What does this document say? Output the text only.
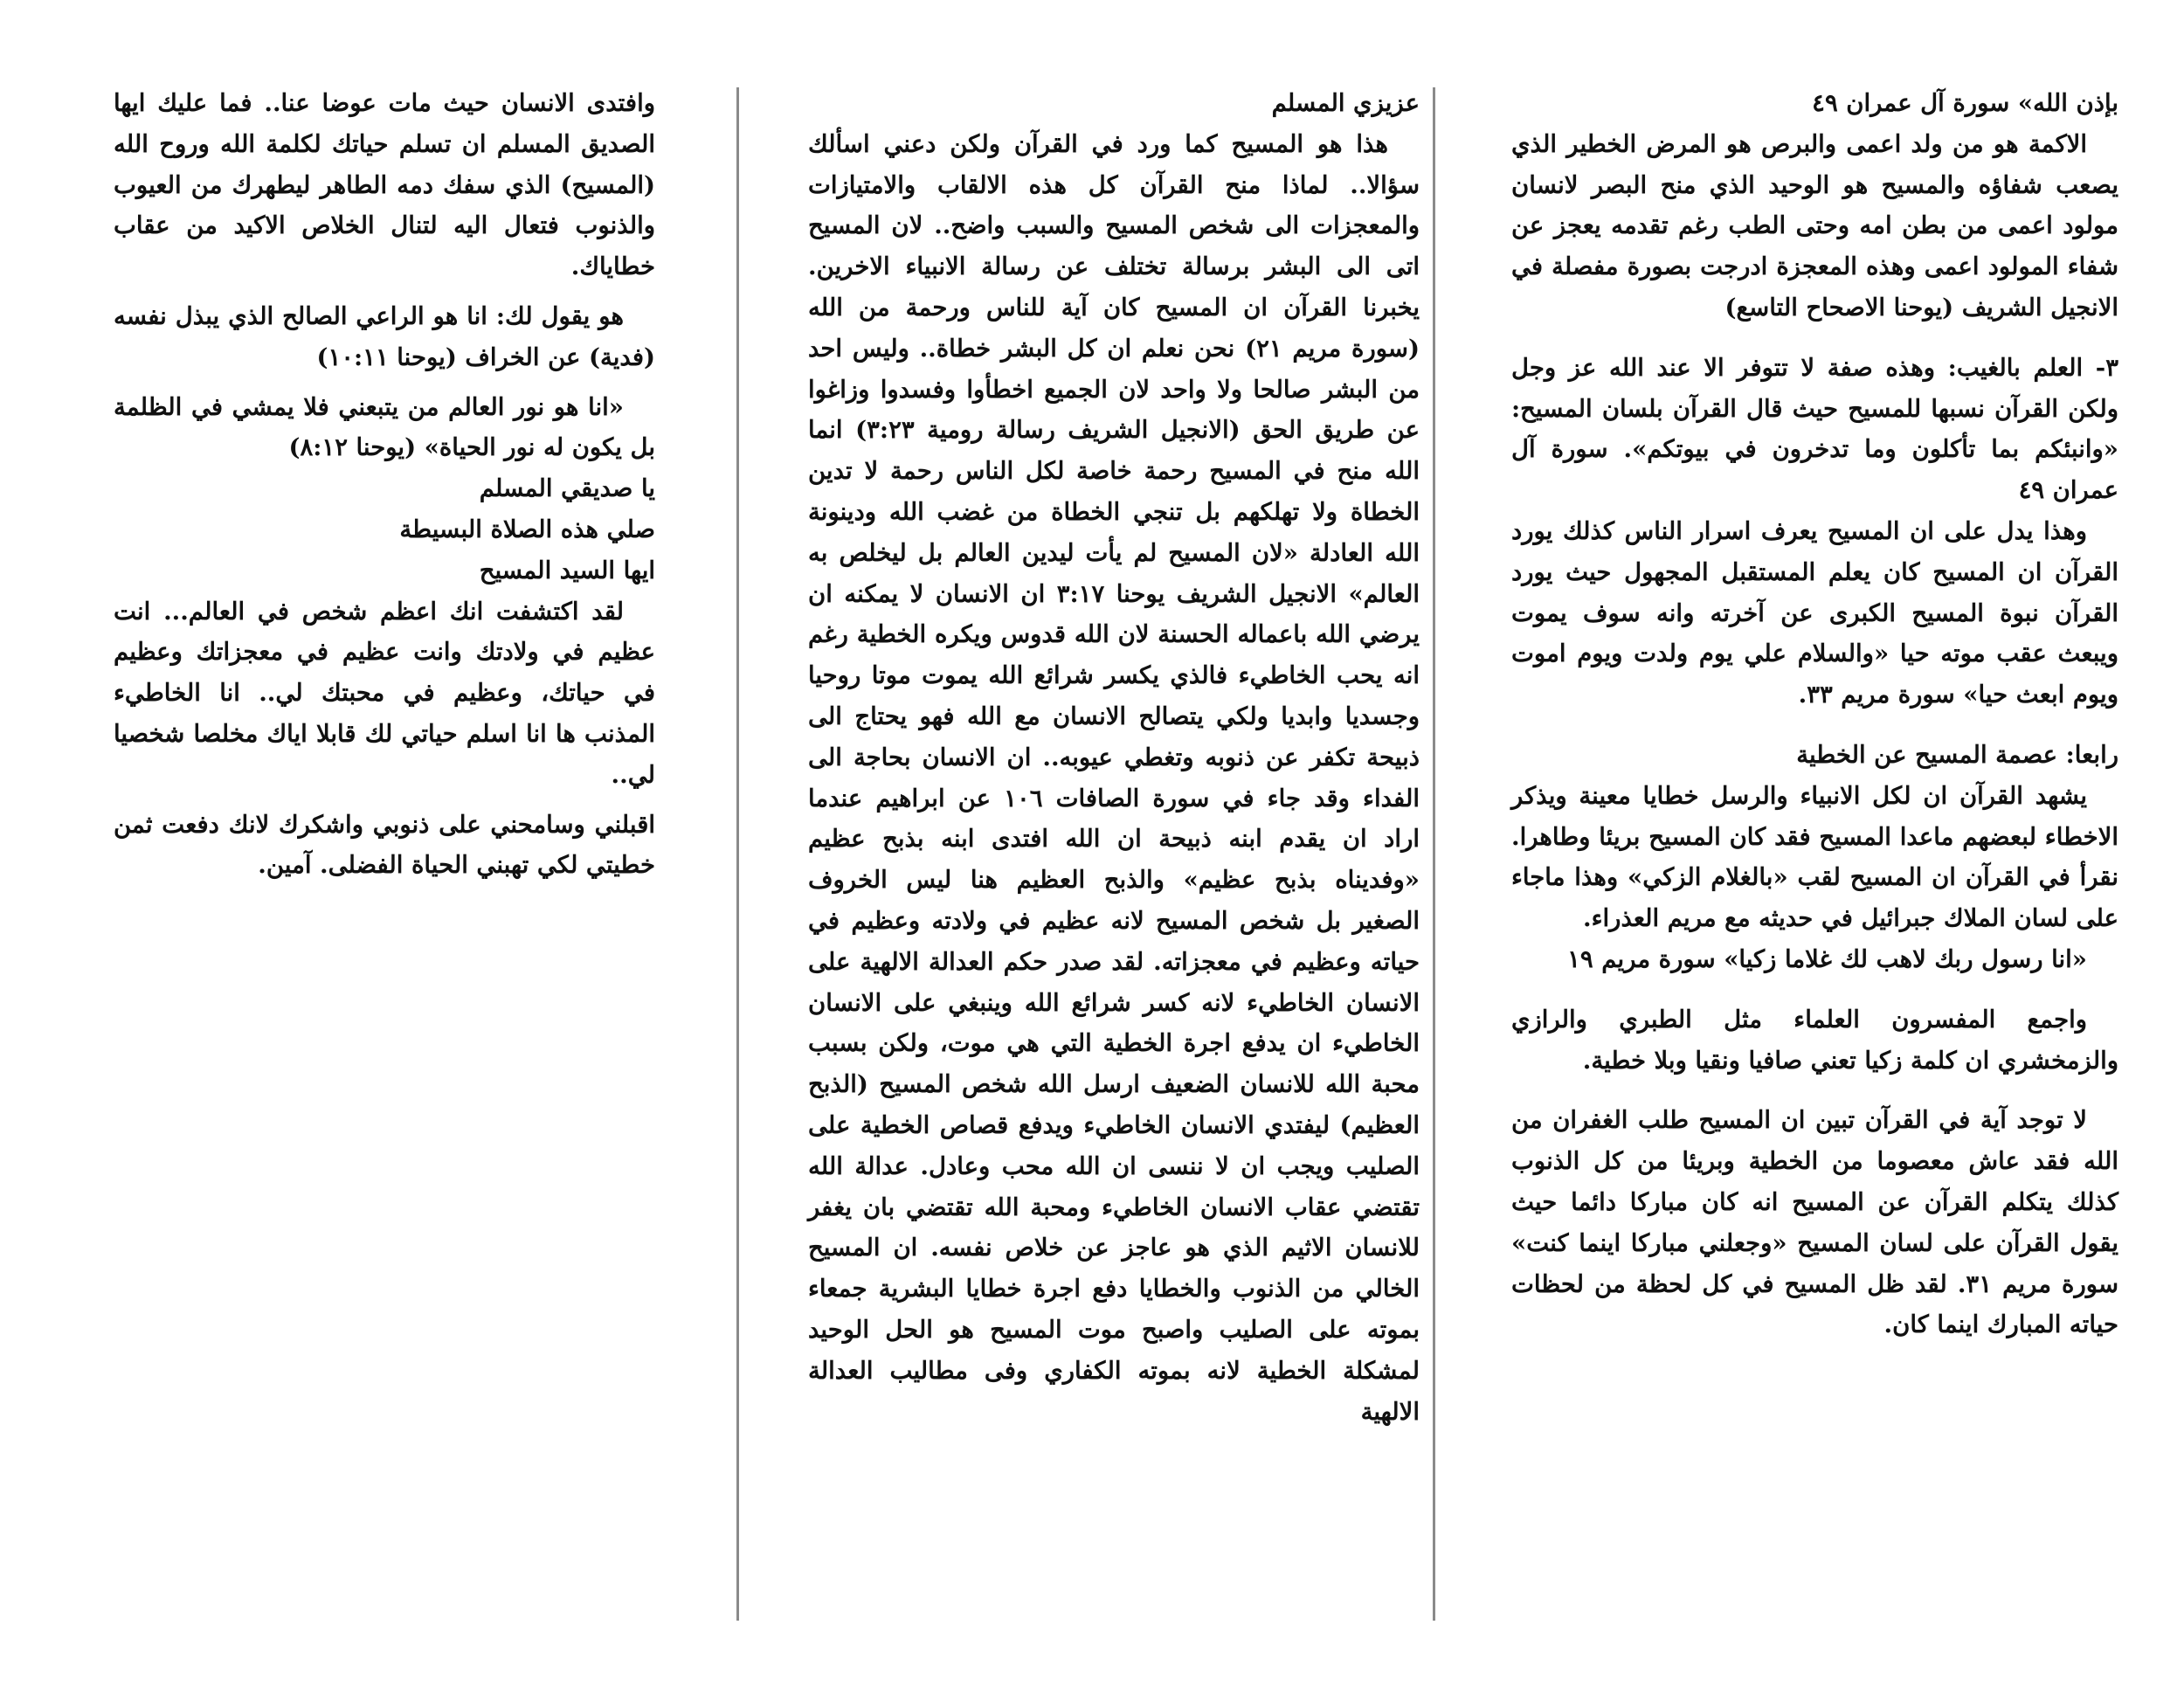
بإذن الله» سورة آل عمران ٤٩

الاكمة هو من ولد اعمى والبرص هو المرض الخطير الذي يصعب شفاؤه والمسيح هو الوحيد الذي منح البصر لانسان مولود اعمى من بطن امه وحتى الطب رغم تقدمه يعجز عن شفاء المولود اعمى وهذه المعجزة ادرجت بصورة مفصلة في الانجيل الشريف (يوحنا الاصحاح التاسع)

٣- العلم بالغيب: وهذه صفة لا تتوفر الا عند الله عز وجل ولكن القرآن نسبها للمسيح حيث قال القرآن بلسان المسيح: «وانبئكم بما تأكلون وما تدخرون في بيوتكم». سورة آل عمران ٤٩

وهذا يدل على ان المسيح يعرف اسرار الناس كذلك يورد القرآن ان المسيح كان يعلم المستقبل المجهول حيث يورد القرآن نبوة المسيح الكبرى عن آخرته وانه سوف يموت ويبعث عقب موته حيا «والسلام علي يوم ولدت ويوم اموت ويوم ابعث حيا» سورة مريم ٣٣.

رابعا: عصمة المسيح عن الخطية

يشهد القرآن ان لكل الانبياء والرسل خطايا معينة ويذكر الاخطاء لبعضهم ماعدا المسيح فقد كان المسيح بريئا وطاهرا. نقرأ في القرآن ان المسيح لقب «بالغلام الزكي» وهذا ماجاء على لسان الملاك جبرائيل في حديثه مع مريم العذراء.

«انا رسول ربك لاهب لك غلاما زكيا» سورة مريم ١٩

واجمع المفسرون العلماء مثل الطبري والرازي والزمخشري ان كلمة زكيا تعني صافيا ونقيا وبلا خطية.

لا توجد آية في القرآن تبين ان المسيح طلب الغفران من الله فقد عاش معصوما من الخطية وبريئا من كل الذنوب كذلك يتكلم القرآن عن المسيح انه كان مباركا دائما حيث يقول القرآن على لسان المسيح «وجعلني مباركا اينما كنت» سورة مريم ٣١. لقد ظل المسيح في كل لحظة من لحظات حياته المبارك اينما كان.

عزيزي المسلم

هذا هو المسيح كما ورد في القرآن ولكن دعني اسألك سؤالا.. لماذا منح القرآن كل هذه الالقاب والامتيازات والمعجزات الى شخص المسيح والسبب واضح.. لان المسيح اتى الى البشر برسالة تختلف عن رسالة الانبياء الاخرين. يخبرنا القرآن ان المسيح كان آية للناس ورحمة من الله (سورة مريم ٢١) نحن نعلم ان كل البشر خطاة.. وليس احد من البشر صالحا ولا واحد لان الجميع اخطأوا وفسدوا وزاغوا عن طريق الحق (الانجيل الشريف رسالة رومية ٣:٢٣) انما الله منح في المسيح رحمة خاصة لكل الناس رحمة لا تدين الخطاة ولا تهلكهم بل تنجي الخطاة من غضب الله ودينونة الله العادلة «لان المسيح لم يأت ليدين العالم بل ليخلص به العالم» الانجيل الشريف يوحنا ٣:١٧ ان الانسان لا يمكنه ان يرضي الله باعماله الحسنة لان الله قدوس ويكره الخطية رغم انه يحب الخاطيء فالذي يكسر شرائع الله يموت موتا روحيا وجسديا وابديا ولكي يتصالح الانسان مع الله فهو يحتاج الى ذبيحة تكفر عن ذنوبه وتغطي عيوبه.. ان الانسان بحاجة الى الفداء وقد جاء في سورة الصافات ١٠٦ عن ابراهيم عندما اراد ان يقدم ابنه ذبيحة ان الله افتدى ابنه بذبح عظيم «وفديناه بذبح عظيم» والذبح العظيم هنا ليس الخروف الصغير بل شخص المسيح لانه عظيم في ولادته وعظيم في حياته وعظيم في معجزاته. لقد صدر حكم العدالة الالهية على الانسان الخاطيء لانه كسر شرائع الله وينبغي على الانسان الخاطيء ان يدفع اجرة الخطية التي هي موت، ولكن بسبب محبة الله للانسان الضعيف ارسل الله شخص المسيح (الذبح العظيم) ليفتدي الانسان الخاطيء ويدفع قصاص الخطية على الصليب ويجب ان لا ننسى ان الله محب وعادل. عدالة الله تقتضي عقاب الانسان الخاطيء ومحبة الله تقتضي بان يغفر للانسان الاثيم الذي هو عاجز عن خلاص نفسه. ان المسيح الخالي من الذنوب والخطايا دفع اجرة خطايا البشرية جمعاء بموته على الصليب واصبح موت المسيح هو الحل الوحيد لمشكلة الخطية لانه بموته الكفاري وفى مطاليب العدالة الالهية

وافتدى الانسان حيث مات عوضا عنا.. فما عليك ايها الصديق المسلم ان تسلم حياتك لكلمة الله وروح الله (المسيح) الذي سفك دمه الطاهر ليطهرك من العيوب والذنوب فتعال اليه لتنال الخلاص الاكيد من عقاب خطاياك.

هو يقول لك: انا هو الراعي الصالح الذي يبذل نفسه (فدية) عن الخراف (يوحنا ١٠:١١)

«انا هو نور العالم من يتبعني فلا يمشي في الظلمة بل يكون له نور الحياة» (يوحنا ٨:١٢)

يا صديقي المسلم

صلي هذه الصلاة البسيطة

ايها السيد المسيح

لقد اكتشفت انك اعظم شخص في العالم... انت عظيم في ولادتك وانت عظيم في معجزاتك وعظيم في حياتك، وعظيم في محبتك لي.. انا الخاطيء المذنب ها انا اسلم حياتي لك قابلا اياك مخلصا شخصيا لي..

اقبلني وسامحني على ذنوبي واشكرك لانك دفعت ثمن خطيتي لكي تهبني الحياة الفضلى. آمين.
